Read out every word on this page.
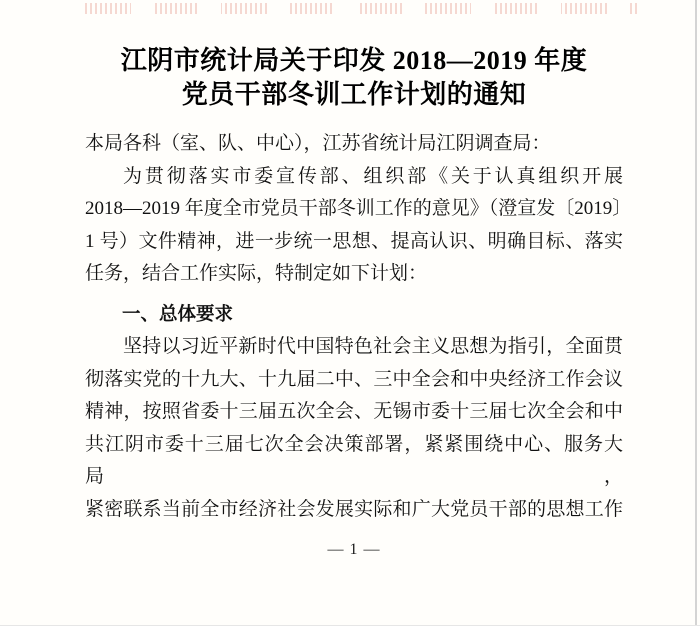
江阴市统计局关于印发 2018—2019 年度
党员干部冬训工作计划的通知
本局各科（室、队、中心），江苏省统计局江阴调查局：
为贯彻落实市委宣传部、组织部《关于认真组织开展
2018—2019 年度全市党员干部冬训工作的意见》（澄宣发〔2019〕
1 号）文件精神，进一步统一思想、提高认识、明确目标、落实
任务，结合工作实际，特制定如下计划：
一、总体要求
坚持以习近平新时代中国特色社会主义思想为指引，全面贯
彻落实党的十九大、十九届二中、三中全会和中央经济工作会议
精神，按照省委十三届五次全会、无锡市委十三届七次全会和中
共江阴市委十三届七次全会决策部署，紧紧围绕中心、服务大局，
紧密联系当前全市经济社会发展实际和广大党员干部的思想工作
— 1 —
